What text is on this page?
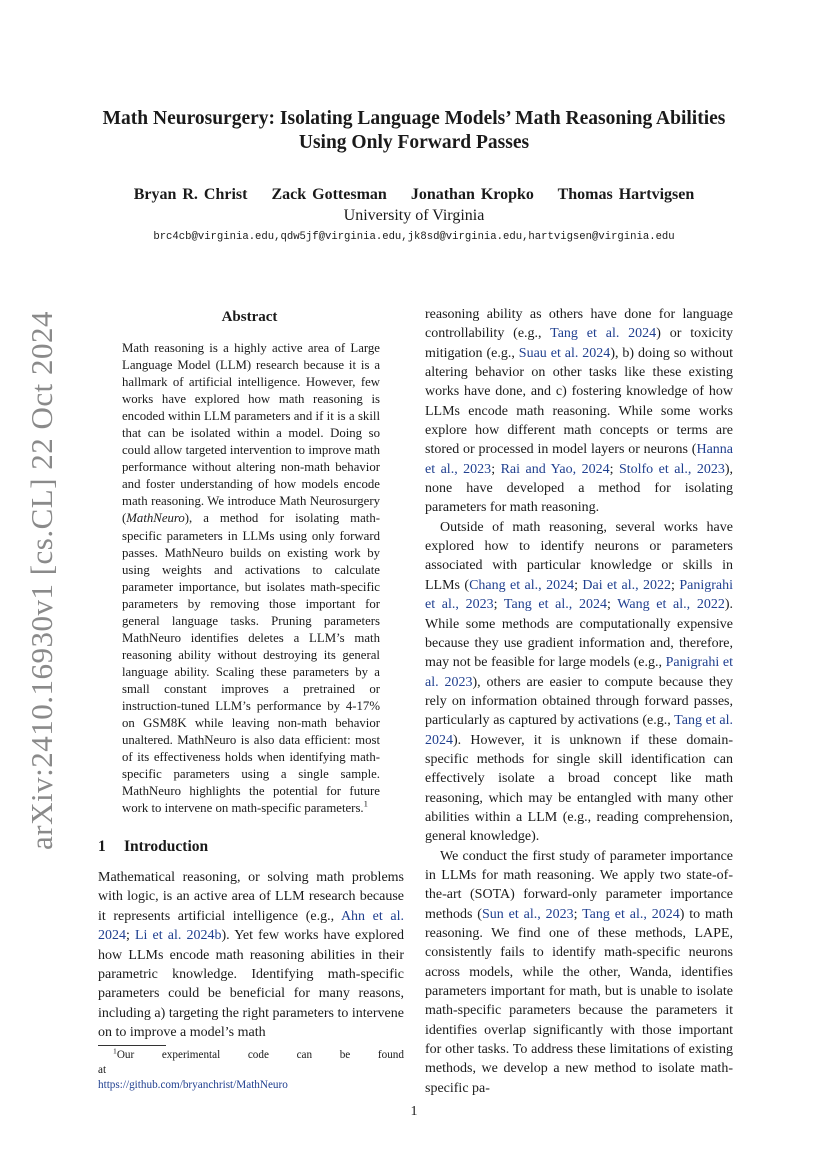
arXiv:2410.16930v1 [cs.CL] 22 Oct 2024
Math Neurosurgery: Isolating Language Models’ Math Reasoning Abilities
Using Only Forward Passes
Bryan R. Christ    Zack Gottesman    Jonathan Kropko    Thomas Hartvigsen
University of Virginia
brc4cb@virginia.edu,qdw5jf@virginia.edu,jk8sd@virginia.edu,hartvigsen@virginia.edu
Abstract
Math reasoning is a highly active area of Large Language Model (LLM) research because it is a hallmark of artificial intelligence. However, few works have explored how math reasoning is encoded within LLM parameters and if it is a skill that can be isolated within a model. Doing so could allow targeted intervention to improve math performance without altering non-math behavior and foster understanding of how models encode math reasoning. We introduce Math Neurosurgery (MathNeuro), a method for isolating math-specific parameters in LLMs using only forward passes. MathNeuro builds on existing work by using weights and activations to calculate parameter importance, but isolates math-specific parameters by removing those important for general language tasks. Pruning parameters MathNeuro identifies deletes a LLM’s math reasoning ability without destroying its general language ability. Scaling these parameters by a small constant improves a pretrained or instruction-tuned LLM’s performance by 4-17% on GSM8K while leaving non-math behavior unaltered. MathNeuro is also data efficient: most of its effectiveness holds when identifying math-specific parameters using a single sample. MathNeuro highlights the potential for future work to intervene on math-specific parameters.$^1$
1 Introduction
Mathematical reasoning, or solving math problems with logic, is an active area of LLM research because it represents artificial intelligence (e.g., Ahn et al. 2024; Li et al. 2024b). Yet few works have explored how LLMs encode math reasoning abilities in their parametric knowledge. Identifying math-specific parameters could be beneficial for many reasons, including a) targeting the right parameters to intervene on to improve a model’s math
$^1$Our experimental code can be found at
https://github.com/bryanchrist/MathNeuro

reasoning ability as others have done for language controllability (e.g., Tang et al. 2024) or toxicity mitigation (e.g., Suau et al. 2024), b) doing so without altering behavior on other tasks like these existing works have done, and c) fostering knowledge of how LLMs encode math reasoning. While some works explore how different math concepts or terms are stored or processed in model layers or neurons (Hanna et al., 2023; Rai and Yao, 2024; Stolfo et al., 2023), none have developed a method for isolating parameters for math reasoning.

Outside of math reasoning, several works have explored how to identify neurons or parameters associated with particular knowledge or skills in LLMs (Chang et al., 2024; Dai et al., 2022; Panigrahi et al., 2023; Tang et al., 2024; Wang et al., 2022). While some methods are computationally expensive because they use gradient information and, therefore, may not be feasible for large models (e.g., Panigrahi et al. 2023), others are easier to compute because they rely on information obtained through forward passes, particularly as captured by activations (e.g., Tang et al. 2024). However, it is unknown if these domain-specific methods for single skill identification can effectively isolate a broad concept like math reasoning, which may be entangled with many other abilities within a LLM (e.g., reading comprehension, general knowledge).

We conduct the first study of parameter importance in LLMs for math reasoning. We apply two state-of-the-art (SOTA) forward-only parameter importance methods (Sun et al., 2023; Tang et al., 2024) to math reasoning. We find one of these methods, LAPE, consistently fails to identify math-specific neurons across models, while the other, Wanda, identifies parameters important for math, but is unable to isolate math-specific parameters because the parameters it identifies overlap significantly with those important for other tasks. To address these limitations of existing methods, we develop a new method to isolate math-specific pa-

1
